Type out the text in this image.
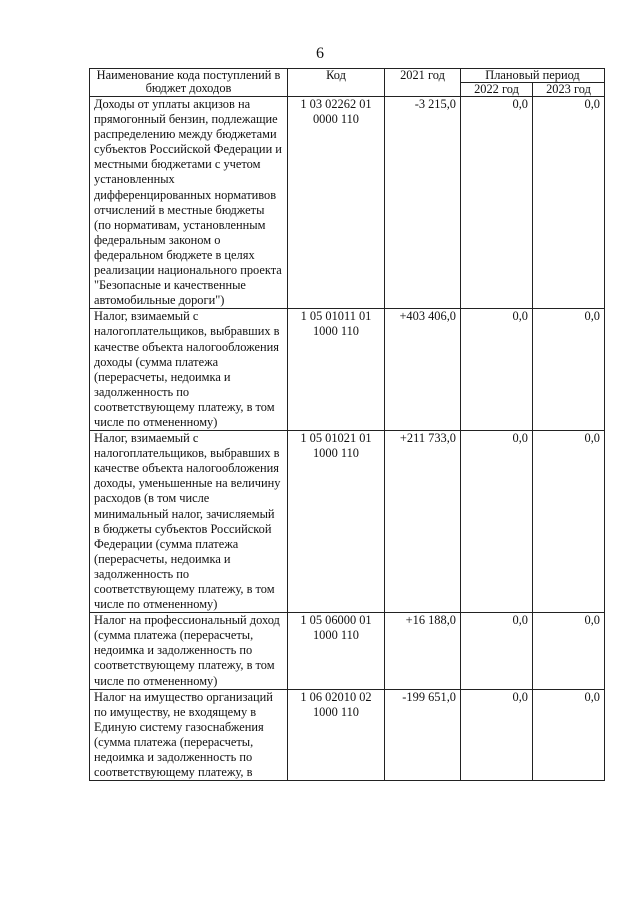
6
Наименование кода поступлений в бюджет доходов	Код	2021 год	Плановый период	
			2022 год	2023 год
Доходы от уплаты акцизов на прямогонный бензин, подлежащие распределению между бюджетами субъектов Российской Федерации и местными бюджетами с учетом установленных дифференцированных нормативов отчислений в местные бюджеты (по нормативам, установленным федеральным законом о федеральном бюджете в целях реализации национального проекта "Безопасные и качественные автомобильные дороги")	1 03 02262 01 0000 110	-3 215,0	0,0	0,0
Налог, взимаемый с налогоплательщиков, выбравших в качестве объекта налогообложения доходы (сумма платежа (перерасчеты, недоимка и задолженность по соответствующему платежу, в том числе по отмененному)	1 05 01011 01 1000 110	+403 406,0	0,0	0,0
Налог, взимаемый с налогоплательщиков, выбравших в качестве объекта налогообложения доходы, уменьшенные на величину расходов (в том числе минимальный налог, зачисляемый в бюджеты субъектов Российской Федерации (сумма платежа (перерасчеты, недоимка и задолженность по соответствующему платежу, в том числе по отмененному)	1 05 01021 01 1000 110	+211 733,0	0,0	0,0
Налог на профессиональный доход (сумма платежа (перерасчеты, недоимка и задолженность по соответствующему платежу, в том числе по отмененному)	1 05 06000 01 1000 110	+16 188,0	0,0	0,0
Налог на имущество организаций по имуществу, не входящему в Единую систему газоснабжения (сумма платежа (перерасчеты, недоимка и задолженность по соответствующему платежу, в	1 06 02010 02 1000 110	-199 651,0	0,0	0,0
